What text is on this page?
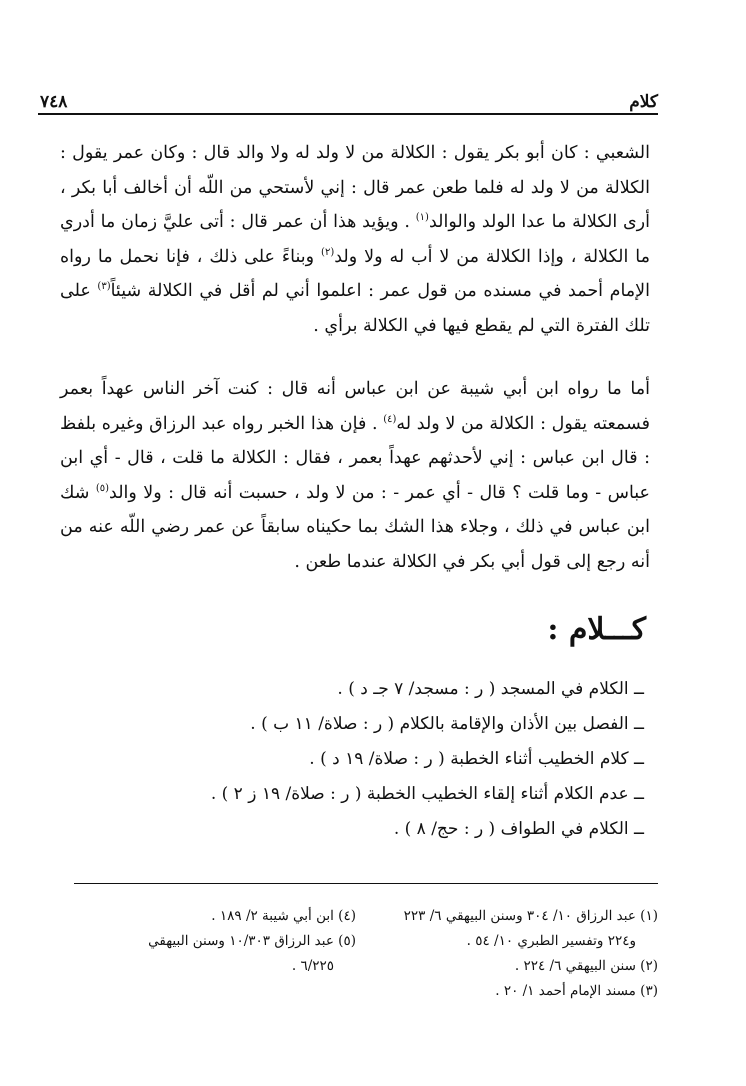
كلام
٧٤٨

الشعبي : كان أبو بكر يقول : الكلالة من لا ولد له ولا والد قال : وكان عمر يقول : الكلالة من لا ولد له فلما طعن عمر قال : إني لأستحي من اللّه أن أخالف أبا بكر ، أرى الكلالة ما عدا الولد والوالد$^{(١)}$ . ويؤيد هذا أن عمر قال : أتى عليَّ زمان ما أدري ما الكلالة ، وإذا الكلالة من لا أب له ولا ولد$^{(٢)}$ وبناءً على ذلك ، فإنا نحمل ما رواه الإمام أحمد في مسنده من قول عمر : اعلموا أني لم أقل في الكلالة شيئاً$^{(٣)}$ على تلك الفترة التي لم يقطع فيها في الكلالة برأي .

أما ما رواه ابن أبي شيبة عن ابن عباس أنه قال : كنت آخر الناس عهداً بعمر فسمعته يقول : الكلالة من لا ولد له$^{(٤)}$ . فإن هذا الخبر رواه عبد الرزاق وغيره بلفظ : قال ابن عباس : إني لأحدثهم عهداً بعمر ، فقال : الكلالة ما قلت ، قال - أي ابن عباس - وما قلت ؟ قال - أي عمر - : من لا ولد ، حسبت أنه قال : ولا والد$^{(٥)}$ شك ابن عباس في ذلك ، وجلاء هذا الشك بما حكيناه سابقاً عن عمر رضي اللّه عنه من أنه رجع إلى قول أبي بكر في الكلالة عندما طعن .

كـــلام :
ــ الكلام في المسجد ( ر : مسجد/ ٧ جـ د ) .
ــ الفصل بين الأذان والإقامة بالكلام ( ر : صلاة/ ١١ ب ) .
ــ كلام الخطيب أثناء الخطبة ( ر : صلاة/ ١٩ د ) .
ــ عدم الكلام أثناء إلقاء الخطيب الخطبة ( ر : صلاة/ ١٩ ز ٢ ) .
ــ الكلام في الطواف ( ر : حج/ ٨ ) .
(١) عبد الرزاق ١٠/ ٣٠٤ وسنن البيهقي ٦/ ٢٢٣
و٢٢٤ وتفسير الطبري ١٠/ ٥٤ .
(٢) سنن البيهقي ٦/ ٢٢٤ .
(٣) مسند الإمام أحمد ١/ ٢٠ .
(٤) ابن أبي شيبة ٢/ ١٨٩ .
(٥) عبد الرزاق ١٠/٣٠٣ وسنن البيهقي
٦/٢٢٥ .
